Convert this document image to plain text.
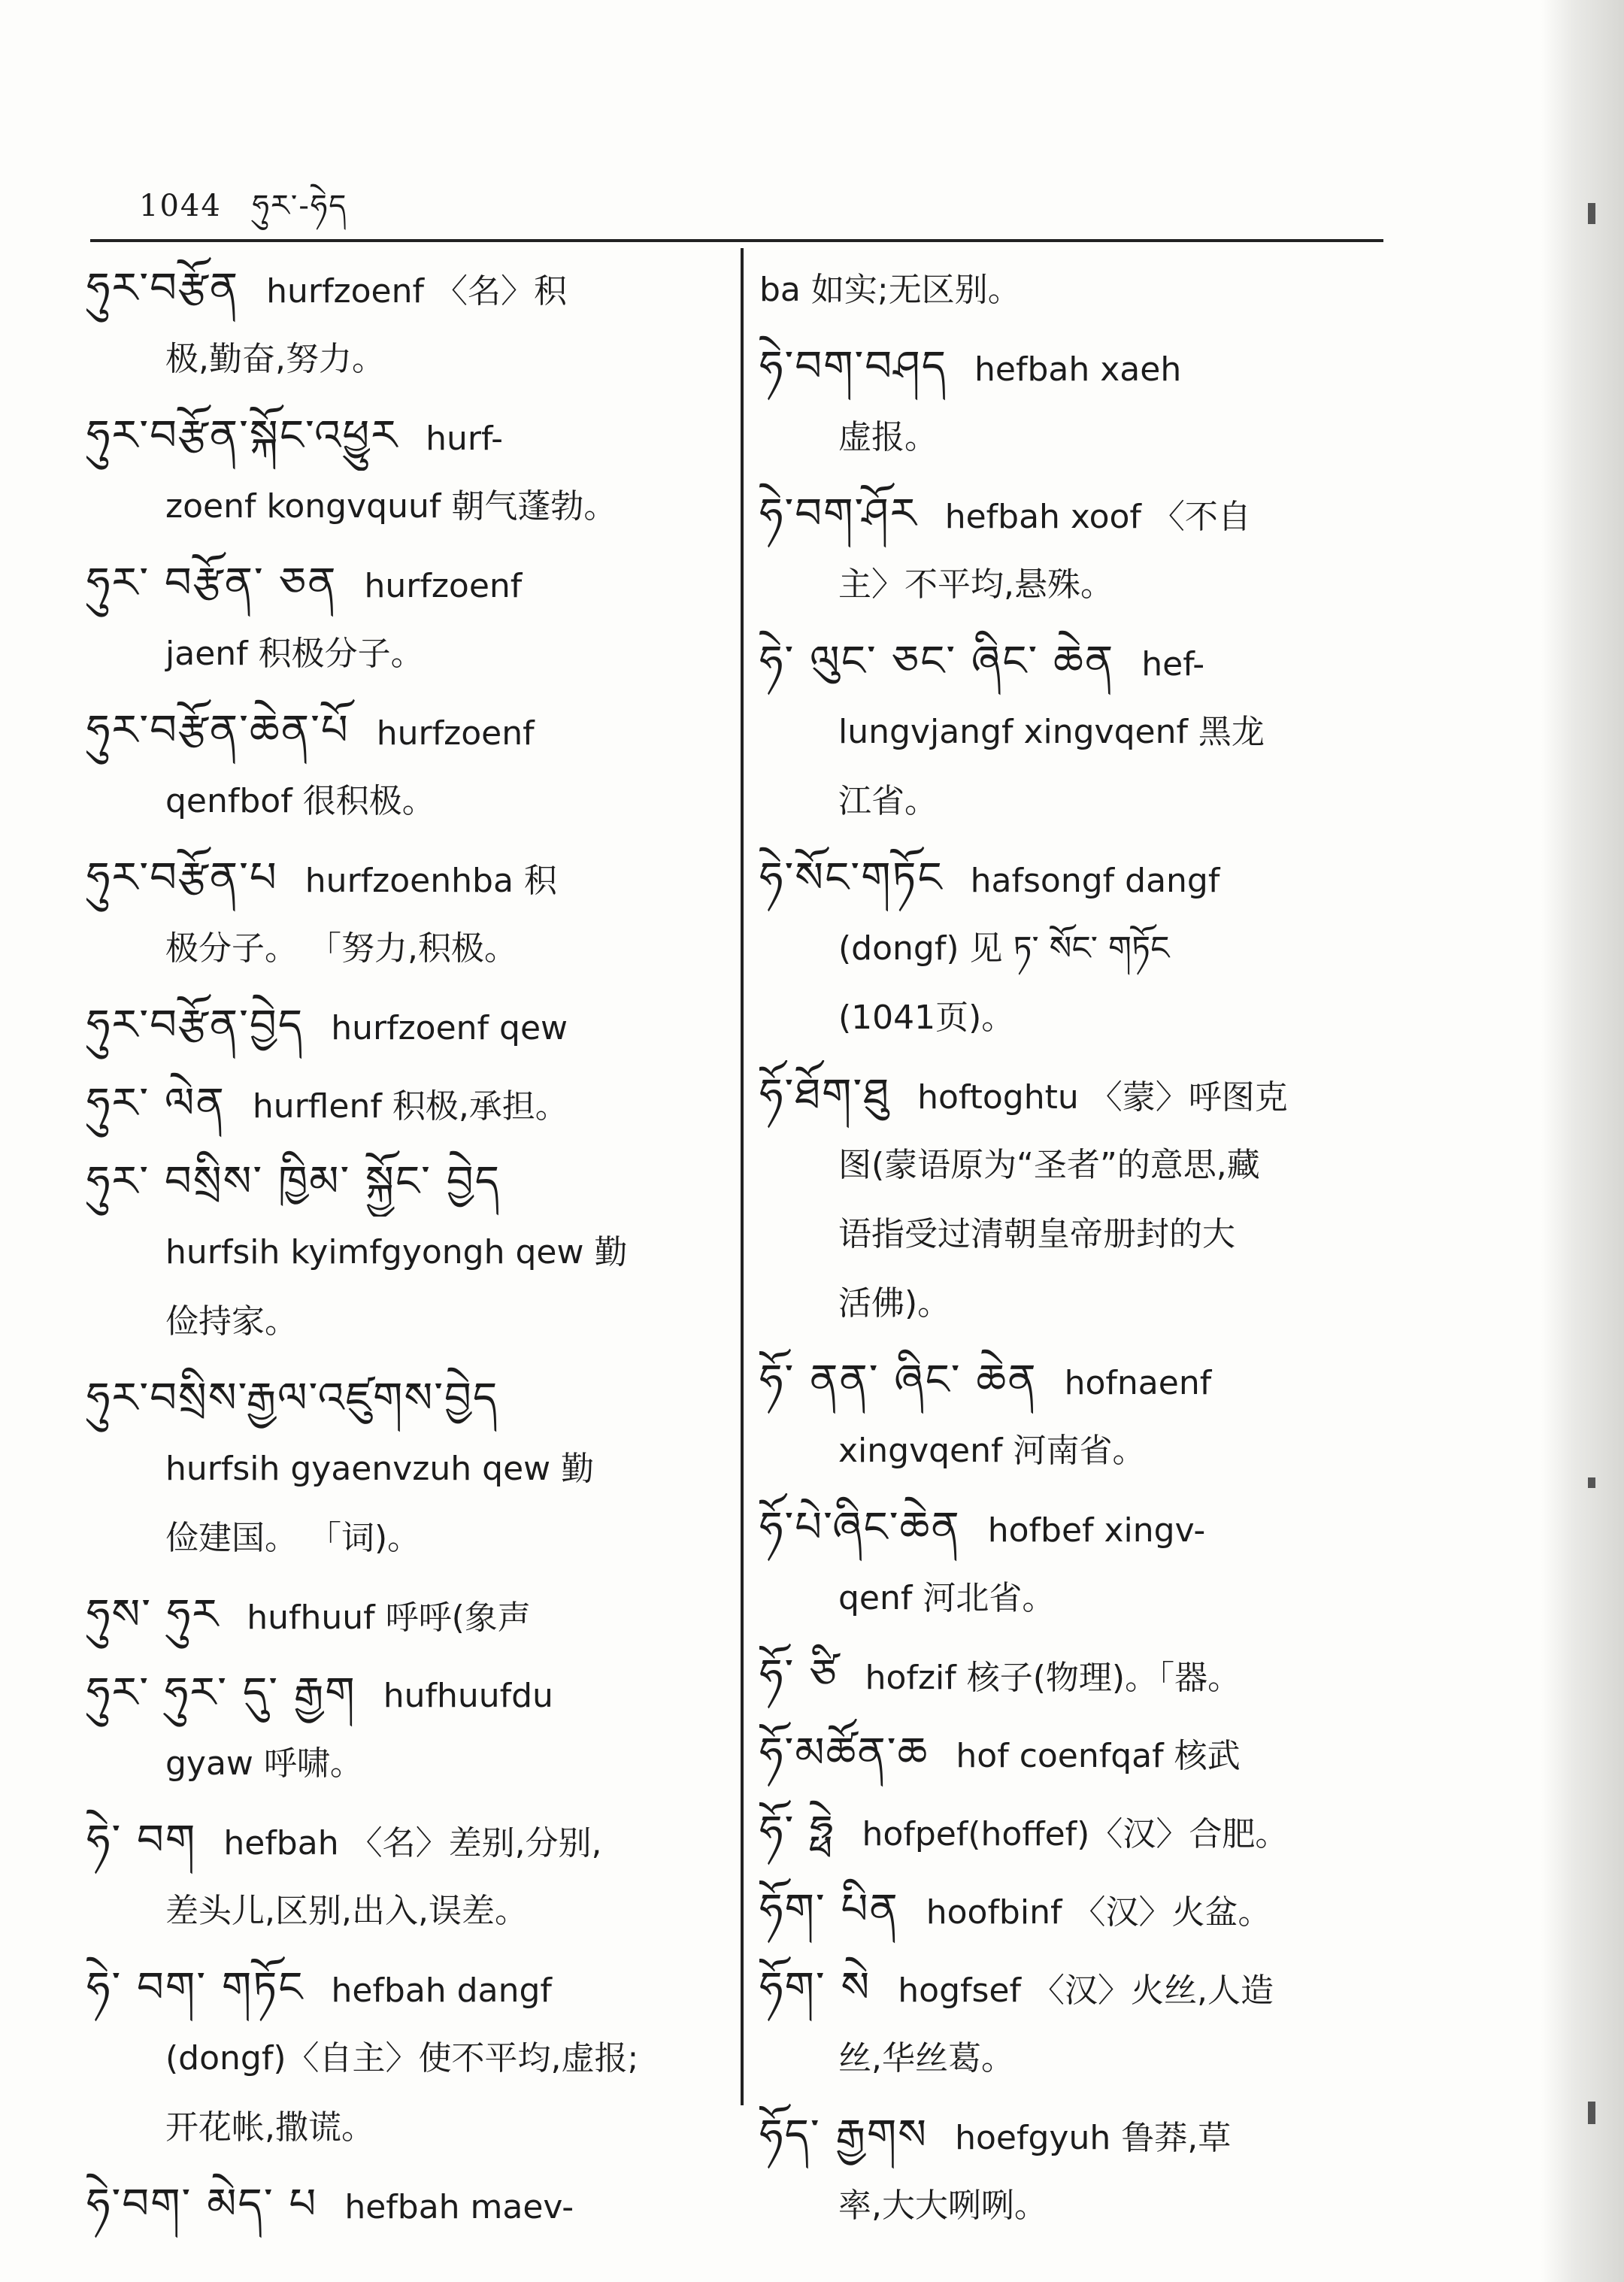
1044 ཧུར་-ཧེད
ཧུར་བརྩོན hurfzoenf 〈名〉积
极,勤奋,努力。
ཧུར་བརྩོན་སྐོང་འཕྱུར hurf-
zoenf kongvquuf 朝气蓬勃。
ཧུར་ བརྩོན་ ཅན hurfzoenf
jaenf 积极分子。
ཧུར་བརྩོན་ཆེན་པོ hurfzoenf
qenfbof 很积极。
ཧུར་བརྩོན་པ hurfzoenhba 积
极分子。 「努力,积极。
ཧུར་བརྩོན་བྱེད hurfzoenf qew
ཧུར་ ལེན hurflenf 积极,承担。
ཧུར་ བསྲིས་ ཁྱིམ་ སྐྱོང་ བྱེད
hurfsih kyimfgyongh qew 勤
俭持家。
ཧུར་བསྲིས་རྒྱལ་འཛུགས་བྱེད
hurfsih gyaenvzuh qew 勤
俭建国。 「词)。
ཧུས་ ཧུར hufhuuf 呼呼(象声
ཧུར་ ཧུར་ དུ་ རྒྱག hufhuufdu
gyaw 呼啸。
ཧེ་ བག hefbah 〈名〉差别,分别,
差头儿,区别,出入,误差。
ཧེ་ བག་ གཏོང hefbah dangf
(dongf)〈自主〉使不平均,虚报;
开花帐,撒谎。
ཧེ་བག་ མེད་ པ hefbah maev-
ba 如实;无区别。
ཧེ་བག་བཤད hefbah xaeh
虚报。
ཧེ་བག་ཤོར hefbah xoof 〈不自
主〉不平均,悬殊。
ཧེ་ ལུང་ ཅང་ ཞིང་ ཆེན hef-
lungvjangf xingvqenf 黑龙
江省。
ཧེ་སོང་གཏོང hafsongf dangf
(dongf) 见 ཏ་ སོང་ གཏོང
(1041页)。
ཧོ་ཐོག་ཐུ hoftoghtu 〈蒙〉呼图克
图(蒙语原为“圣者”的意思,藏
语指受过清朝皇帝册封的大
活佛)。
ཧོ་ ནན་ ཞིང་ ཆེན hofnaenf
xingvqenf 河南省。
ཧོ་པེ་ཞིང་ཆེན hofbef xingv-
qenf 河北省。
ཧོ་ ཙི hofzif 核子(物理)。「器。
ཧོ་མཚོན་ཆ hof coenfqaf 核武
ཧོ་ ཧྥེ hofpef(hoffef)〈汉〉合肥。
ཧོག་ པིན hoofbinf 〈汉〉火盆。
ཧོག་ སེ hogfsef 〈汉〉火丝,人造
丝,华丝葛。
ཧོད་ རྒྱགས hoefgyuh 鲁莽,草
率,大大咧咧。
